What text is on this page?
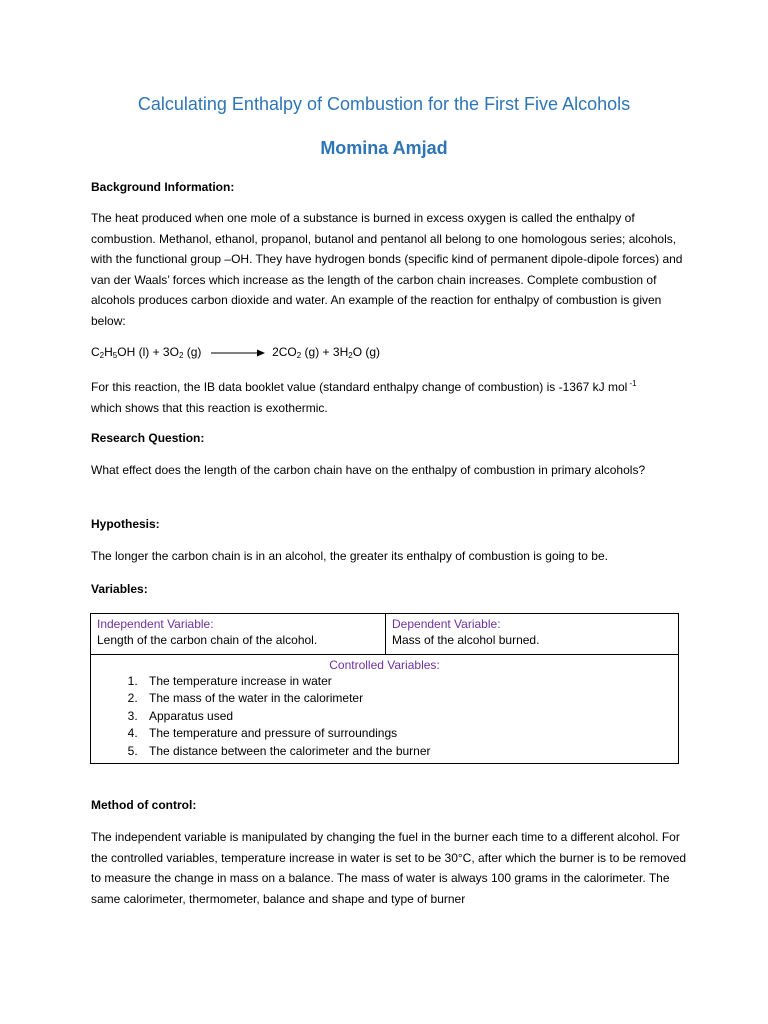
Calculating Enthalpy of Combustion for the First Five Alcohols
Momina Amjad
Background Information:
The heat produced when one mole of a substance is burned in excess oxygen is called the enthalpy of combustion. Methanol, ethanol, propanol, butanol and pentanol all belong to one homologous series; alcohols, with the functional group –OH. They have hydrogen bonds (specific kind of permanent dipole-dipole forces) and van der Waals’ forces which increase as the length of the carbon chain increases. Complete combustion of alcohols produces carbon dioxide and water. An example of the reaction for enthalpy of combustion is given below:
$C_2H_5OH$ $(l) + 3O_2$ (g)	$2CO_2$ $(g) + 3H_2O$ (g)
For this reaction, the IB data booklet value (standard enthalpy change of combustion) is -1367 kJ mol $^{-1}$
which shows that this reaction is exothermic.
Research Question:
What effect does the length of the carbon chain have on the enthalpy of combustion in primary alcohols?
Hypothesis:
The longer the carbon chain is in an alcohol, the greater its enthalpy of combustion is going to be.
Variables:
Independent Variable:
Length of the carbon chain of the alcohol.

Dependent Variable:
Mass of the alcohol burned.

Controlled Variables:
1. The temperature increase in water
2. The mass of the water in the calorimeter
3. Apparatus used
4. The temperature and pressure of surroundings
5. The distance between the calorimeter and the burner
Method of control:
The independent variable is manipulated by changing the fuel in the burner each time to a different alcohol. For the controlled variables, temperature increase in water is set to be 30°C, after which the burner is to be removed to measure the change in mass on a balance. The mass of water is always 100 grams in the calorimeter. The same calorimeter, thermometer, balance and shape and type of burner
